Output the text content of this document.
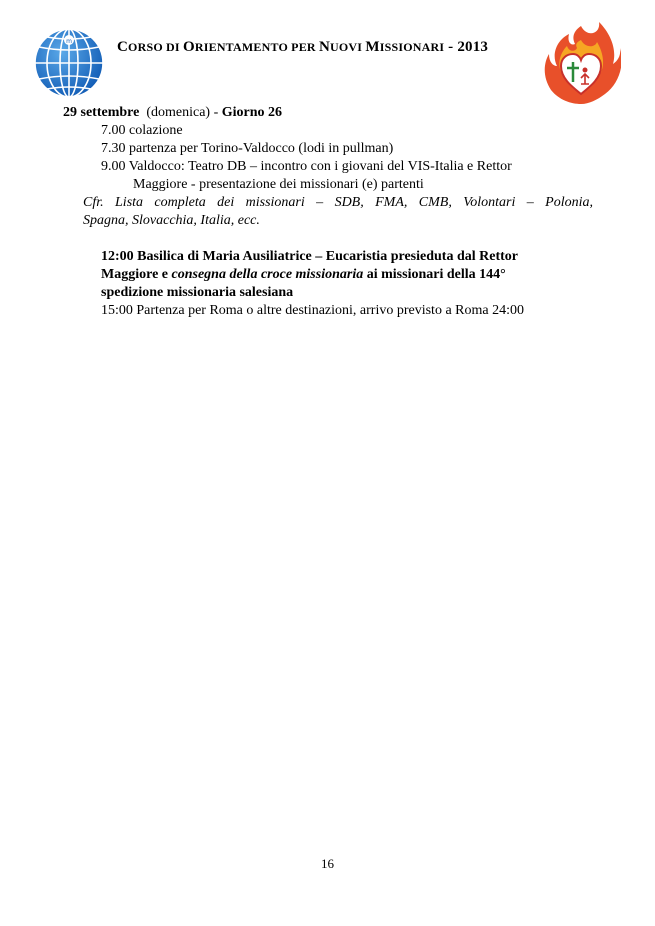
m	CORSO DI ORIENTAMENTO PER NUOVI MISSIONARI - 2013
29 settembre (domenica) - Giorno 26
7.00 colazione
7.30 partenza per Torino-Valdocco (lodi in pullman)
9.00 Valdocco: Teatro DB – incontro con i giovani del VIS-Italia e Rettor
Maggiore - presentazione dei missionari (e) partenti
Cfr. Lista completa dei missionari – SDB, FMA, CMB, Volontari – Polonia,
Spagna, Slovacchia, Italia, ecc.
12:00 Basilica di Maria Ausiliatrice – Eucaristia presieduta dal Rettor
Maggiore e consegna della croce missionaria ai missionari della 144°
spedizione missionaria salesiana
15:00 Partenza per Roma o altre destinazioni, arrivo previsto a Roma 24:00
16
